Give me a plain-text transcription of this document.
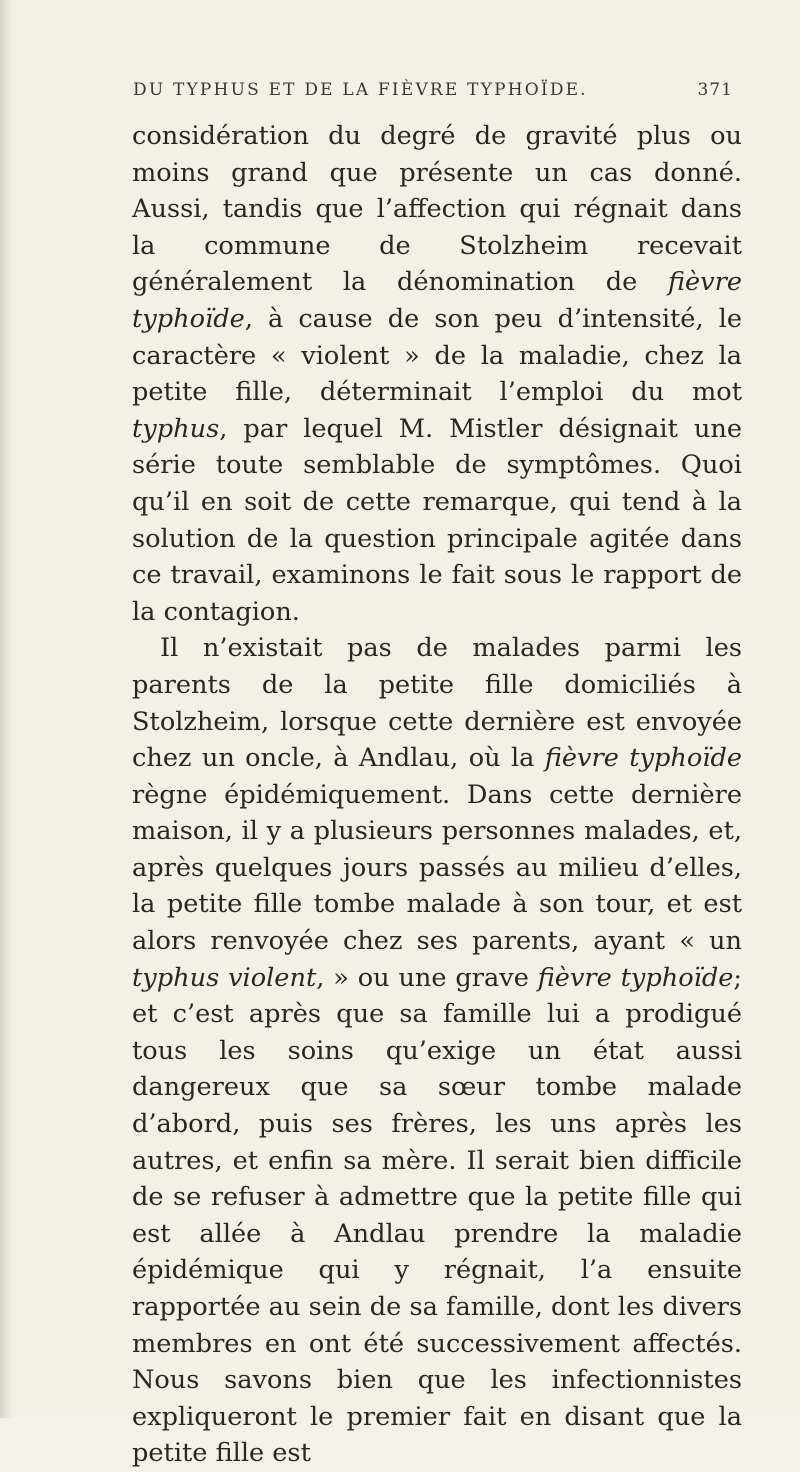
DU TYPHUS ET DE LA FIÈVRE TYPHOÏDE.	371

considération du degré de gravité plus ou moins grand que présente un cas donné. Aussi, tandis que l’affection qui régnait dans la commune de Stolzheim recevait généralement la dénomination de fièvre typhoïde, à cause de son peu d’intensité, le caractère « violent » de la maladie, chez la petite fille, déterminait l’emploi du mot typhus, par lequel M. Mistler désignait une série toute semblable de symptômes. Quoi qu’il en soit de cette remarque, qui tend à la solution de la question principale agitée dans ce travail, examinons le fait sous le rapport de la contagion.

Il n’existait pas de malades parmi les parents de la petite fille domiciliés à Stolzheim, lorsque cette dernière est envoyée chez un oncle, à Andlau, où la fièvre typhoïde règne épidémiquement. Dans cette dernière maison, il y a plusieurs personnes malades, et, après quelques jours passés au milieu d’elles, la petite fille tombe malade à son tour, et est alors renvoyée chez ses parents, ayant « un typhus violent, » ou une grave fièvre typhoïde; et c’est après que sa famille lui a prodigué tous les soins qu’exige un état aussi dangereux que sa sœur tombe malade d’abord, puis ses frères, les uns après les autres, et enfin sa mère. Il serait bien difficile de se refuser à admettre que la petite fille qui est allée à Andlau prendre la maladie épidémique qui y régnait, l’a ensuite rapportée au sein de sa famille, dont les divers membres en ont été successivement affectés. Nous savons bien que les infectionnistes expliqueront le premier fait en disant que la petite fille est
